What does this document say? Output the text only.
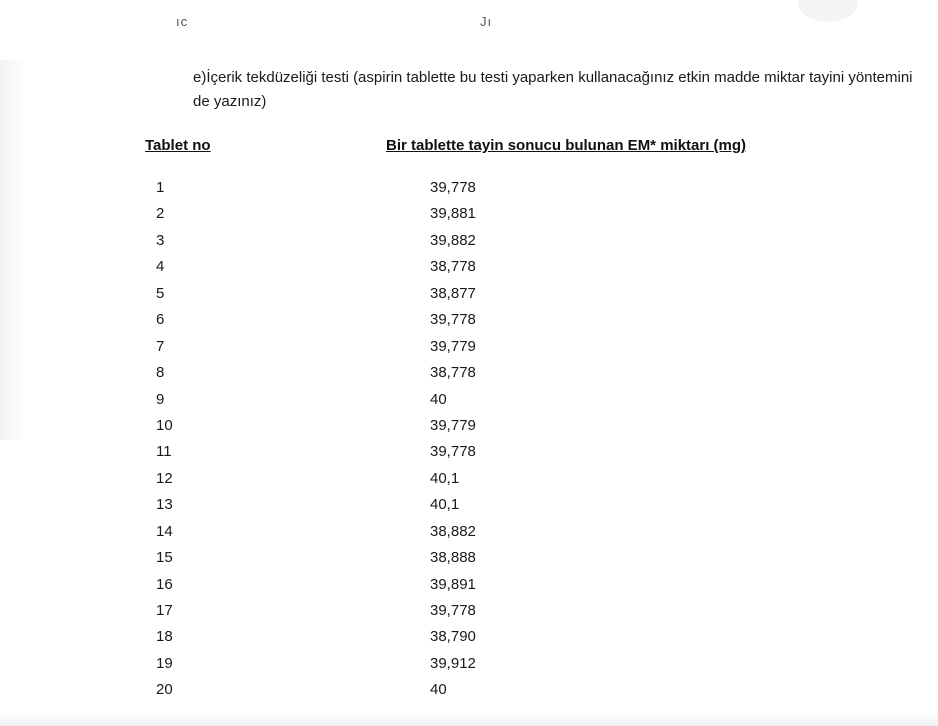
ıc	Jı
e)İçerik tekdüzeliği testi (aspirin tablette bu testi yaparken kullanacağınız etkin madde miktar tayini yöntemini de yazınız)
Tablet no	Bir tablette tayin sonucu bulunan EM* miktarı (mg)
1	39,778
2	39,881
3	39,882
4	38,778
5	38,877
6	39,778
7	39,779
8	38,778
9	40
10	39,779
11	39,778
12	40,1
13	40,1
14	38,882
15	38,888
16	39,891
17	39,778
18	38,790
19	39,912
20	40
